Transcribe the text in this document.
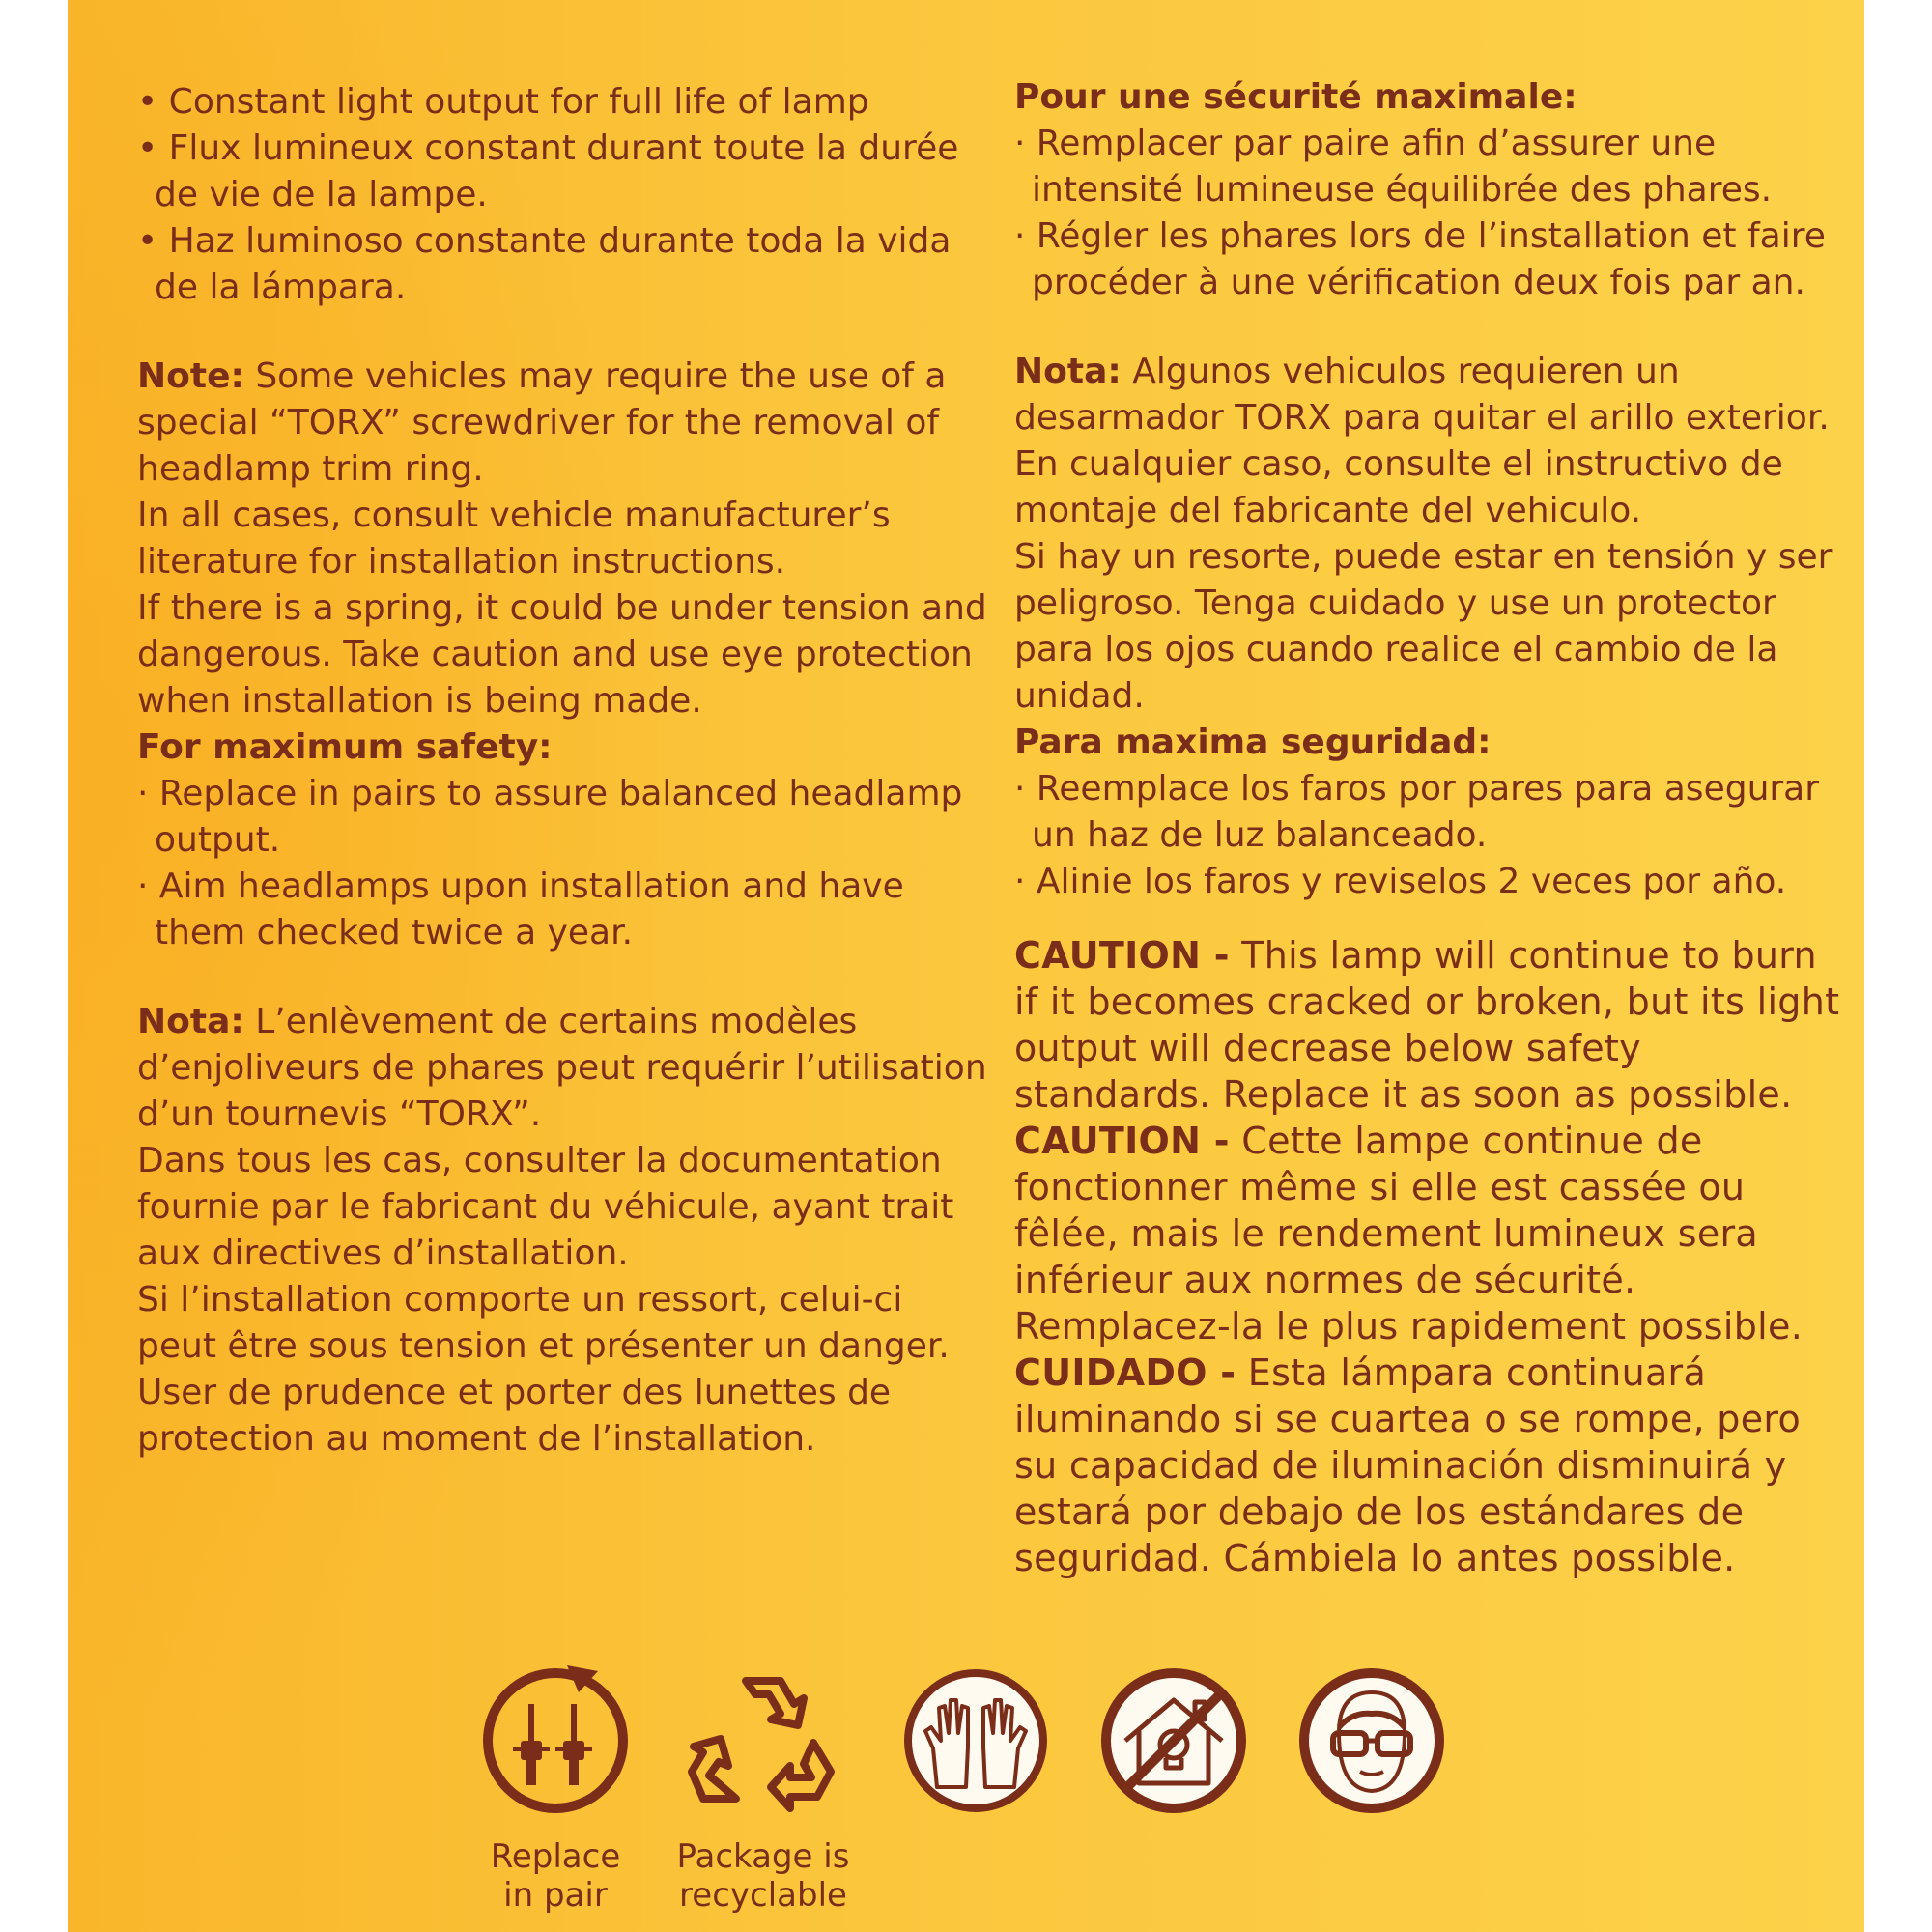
• Constant light output for full life of lamp

• Flux lumineux constant durant toute la durée de vie de la lampe.

• Haz luminoso constante durante toda la vida de la lámpara.

Note: Some vehicles may require the use of a special “TORX” screwdriver for the removal of headlamp trim ring.

In all cases, consult vehicle manufacturer’s literature for installation instructions.

If there is a spring, it could be under tension and dangerous. Take caution and use eye protection when installation is being made.

For maximum safety:

· Replace in pairs to assure balanced headlamp output.

· Aim headlamps upon installation and have them checked twice a year.

Nota: L’enlèvement de certains modèles d’enjoliveurs de phares peut requérir l’utilisation d’un tournevis “TORX”.

Dans tous les cas, consulter la documentation fournie par le fabricant du véhicule, ayant trait aux directives d’installation.

Si l’installation comporte un ressort, celui-ci peut être sous tension et présenter un danger. User de prudence et porter des lunettes de protection au moment de l’installation.

Pour une sécurité maximale:

· Remplacer par paire afin d’assurer une intensité lumineuse équilibrée des phares.

· Régler les phares lors de l’installation et faire procéder à une vérification deux fois par an.

Nota: Algunos vehiculos requieren un desarmador TORX para quitar el arillo exterior.

En cualquier caso, consulte el instructivo de montaje del fabricante del vehiculo.

Si hay un resorte, puede estar en tensión y ser peligroso. Tenga cuidado y use un protector para los ojos cuando realice el cambio de la unidad.

Para maxima seguridad:

· Reemplace los faros por pares para asegurar un haz de luz balanceado.

· Alinie los faros y reviselos 2 veces por año.

CAUTION - This lamp will continue to burn if it becomes cracked or broken, but its light output will decrease below safety standards. Replace it as soon as possible.

CAUTION - Cette lampe continue de fonctionner même si elle est cassée ou fêlée, mais le rendement lumineux sera inférieur aux normes de sécurité. Remplacez-la le plus rapidement possible.

CUIDADO - Esta lámpara continuará iluminando si se cuartea o se rompe, pero su capacidad de iluminación disminuirá y estará por debajo de los estándares de seguridad. Cámbiela lo antes possible.

Replace
in pair
Package is
recyclable
